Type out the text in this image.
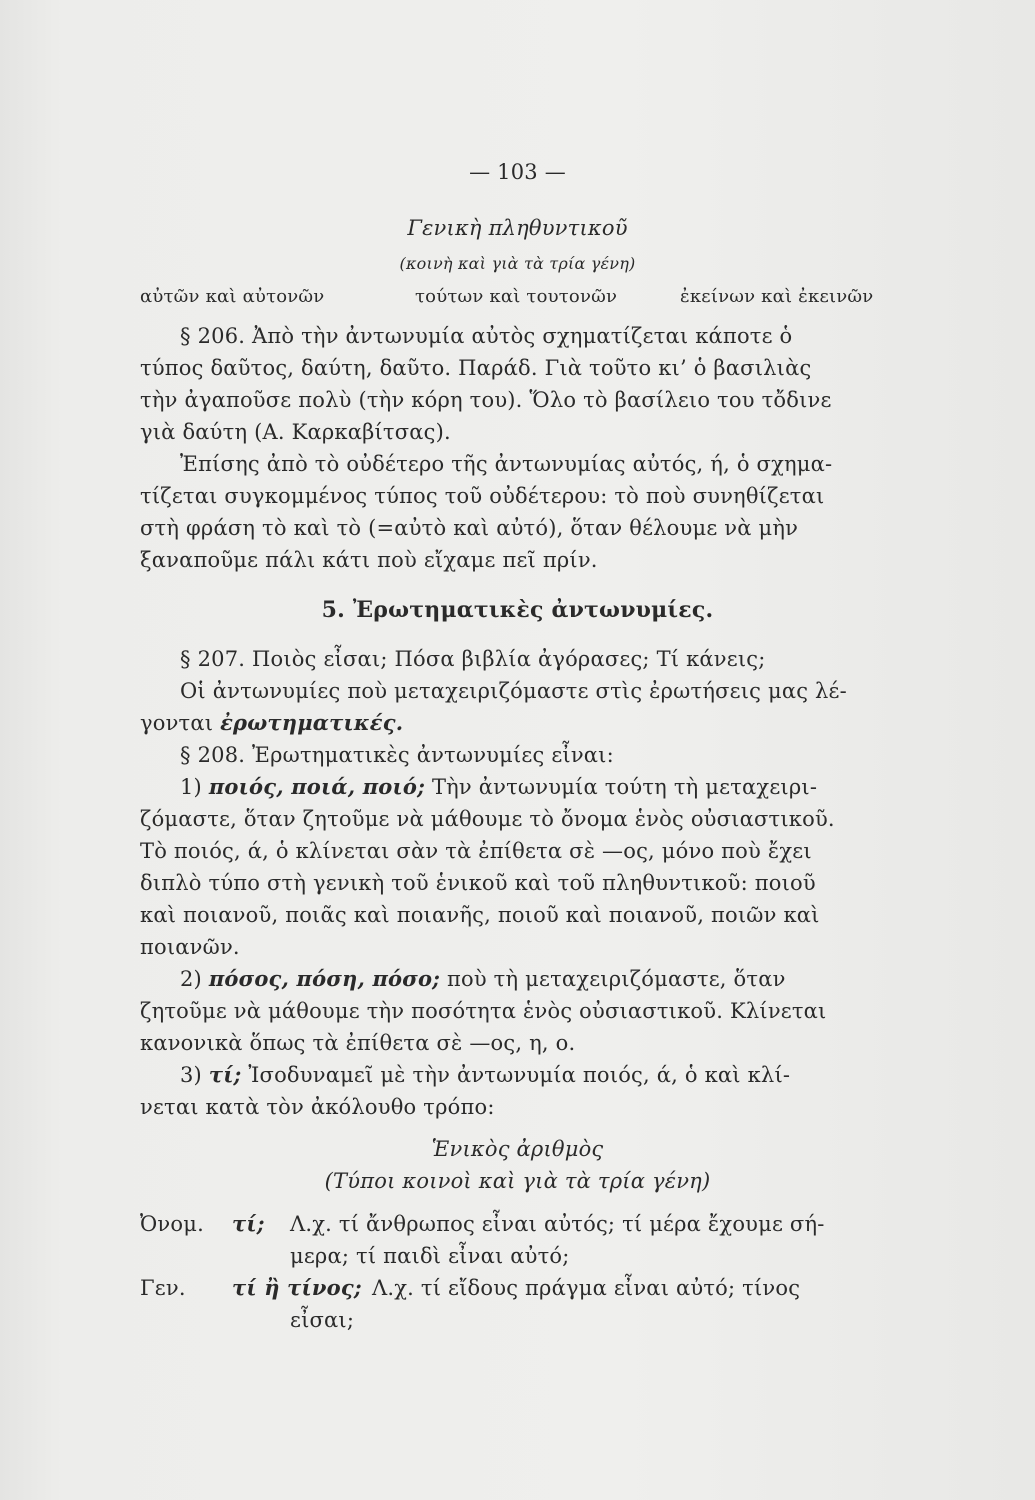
— 103 —
Γενικὴ πληθυντικοῦ
(κοινὴ καὶ γιὰ τὰ τρία γένη)
αὐτῶν καὶ αὐτονῶν	τούτων καὶ τουτονῶν	ἐκείνων καὶ ἐκεινῶν
§ 206. Ἀπὸ τὴν ἀντωνυμία αὐτὸς σχηματίζεται κάποτε ὁ
τύπος δαῦτος, δαύτη, δαῦτο. Παράδ. Γιὰ τοῦτο κι’ ὁ βασιλιὰς
τὴν ἀγαποῦσε πολὺ (τὴν κόρη του). Ὅλο τὸ βασίλειο του τὄδινε
γιὰ δαύτη (Α. Καρκαβίτσας).
Ἐπίσης ἀπὸ τὸ οὐδέτερο τῆς ἀντωνυμίας αὐτός, ή, ὁ σχημα-
τίζεται συγκομμένος τύπος τοῦ οὐδέτερου: τὸ ποὺ συνηθίζεται
στὴ φράση τὸ καὶ τὸ (=αὐτὸ καὶ αὐτό), ὅταν θέλουμε νὰ μὴν
ξαναποῦμε πάλι κάτι ποὺ εἴχαμε πεῖ πρίν.
5. Ἐρωτηματικὲς ἀντωνυμίες.
§ 207. Ποιὸς εἶσαι; Πόσα βιβλία ἀγόρασες; Τί κάνεις;
Οἱ ἀντωνυμίες ποὺ μεταχειριζόμαστε στὶς ἐρωτήσεις μας λέ-
γονται ἐρωτηματικές.
§ 208. Ἐρωτηματικὲς ἀντωνυμίες εἶναι:
1) ποιός, ποιά, ποιό; Τὴν ἀντωνυμία τούτη τὴ μεταχειρι-
ζόμαστε, ὅταν ζητοῦμε νὰ μάθουμε τὸ ὄνομα ἑνὸς οὐσιαστικοῦ.
Τὸ ποιός, ά, ὁ κλίνεται σὰν τὰ ἐπίθετα σὲ —ος, μόνο ποὺ ἔχει
διπλὸ τύπο στὴ γενικὴ τοῦ ἑνικοῦ καὶ τοῦ πληθυντικοῦ: ποιοῦ
καὶ ποιανοῦ, ποιᾶς καὶ ποιανῆς, ποιοῦ καὶ ποιανοῦ, ποιῶν καὶ
ποιανῶν.
2) πόσος, πόση, πόσο; ποὺ τὴ μεταχειριζόμαστε, ὅταν
ζητοῦμε νὰ μάθουμε τὴν ποσότητα ἑνὸς οὐσιαστικοῦ. Κλίνεται
κανονικὰ ὅπως τὰ ἐπίθετα σὲ —ος, η, ο.
3) τί; Ἰσοδυναμεῖ μὲ τὴν ἀντωνυμία ποιός, ά, ὁ καὶ κλί-
νεται κατὰ τὸν ἀκόλουθο τρόπο:
Ἑνικὸς ἀριθμὸς
(Τύποι κοινοὶ καὶ γιὰ τὰ τρία γένη)
Ὀνομ. τί; Λ.χ. τί ἄνθρωπος εἶναι αὐτός; τί μέρα ἔχουμε σή-
μερα; τί παιδὶ εἶναι αὐτό;
Γεν. τί ἢ τίνος; Λ.χ. τί εἴδους πράγμα εἶναι αὐτό; τίνος
εἶσαι;
